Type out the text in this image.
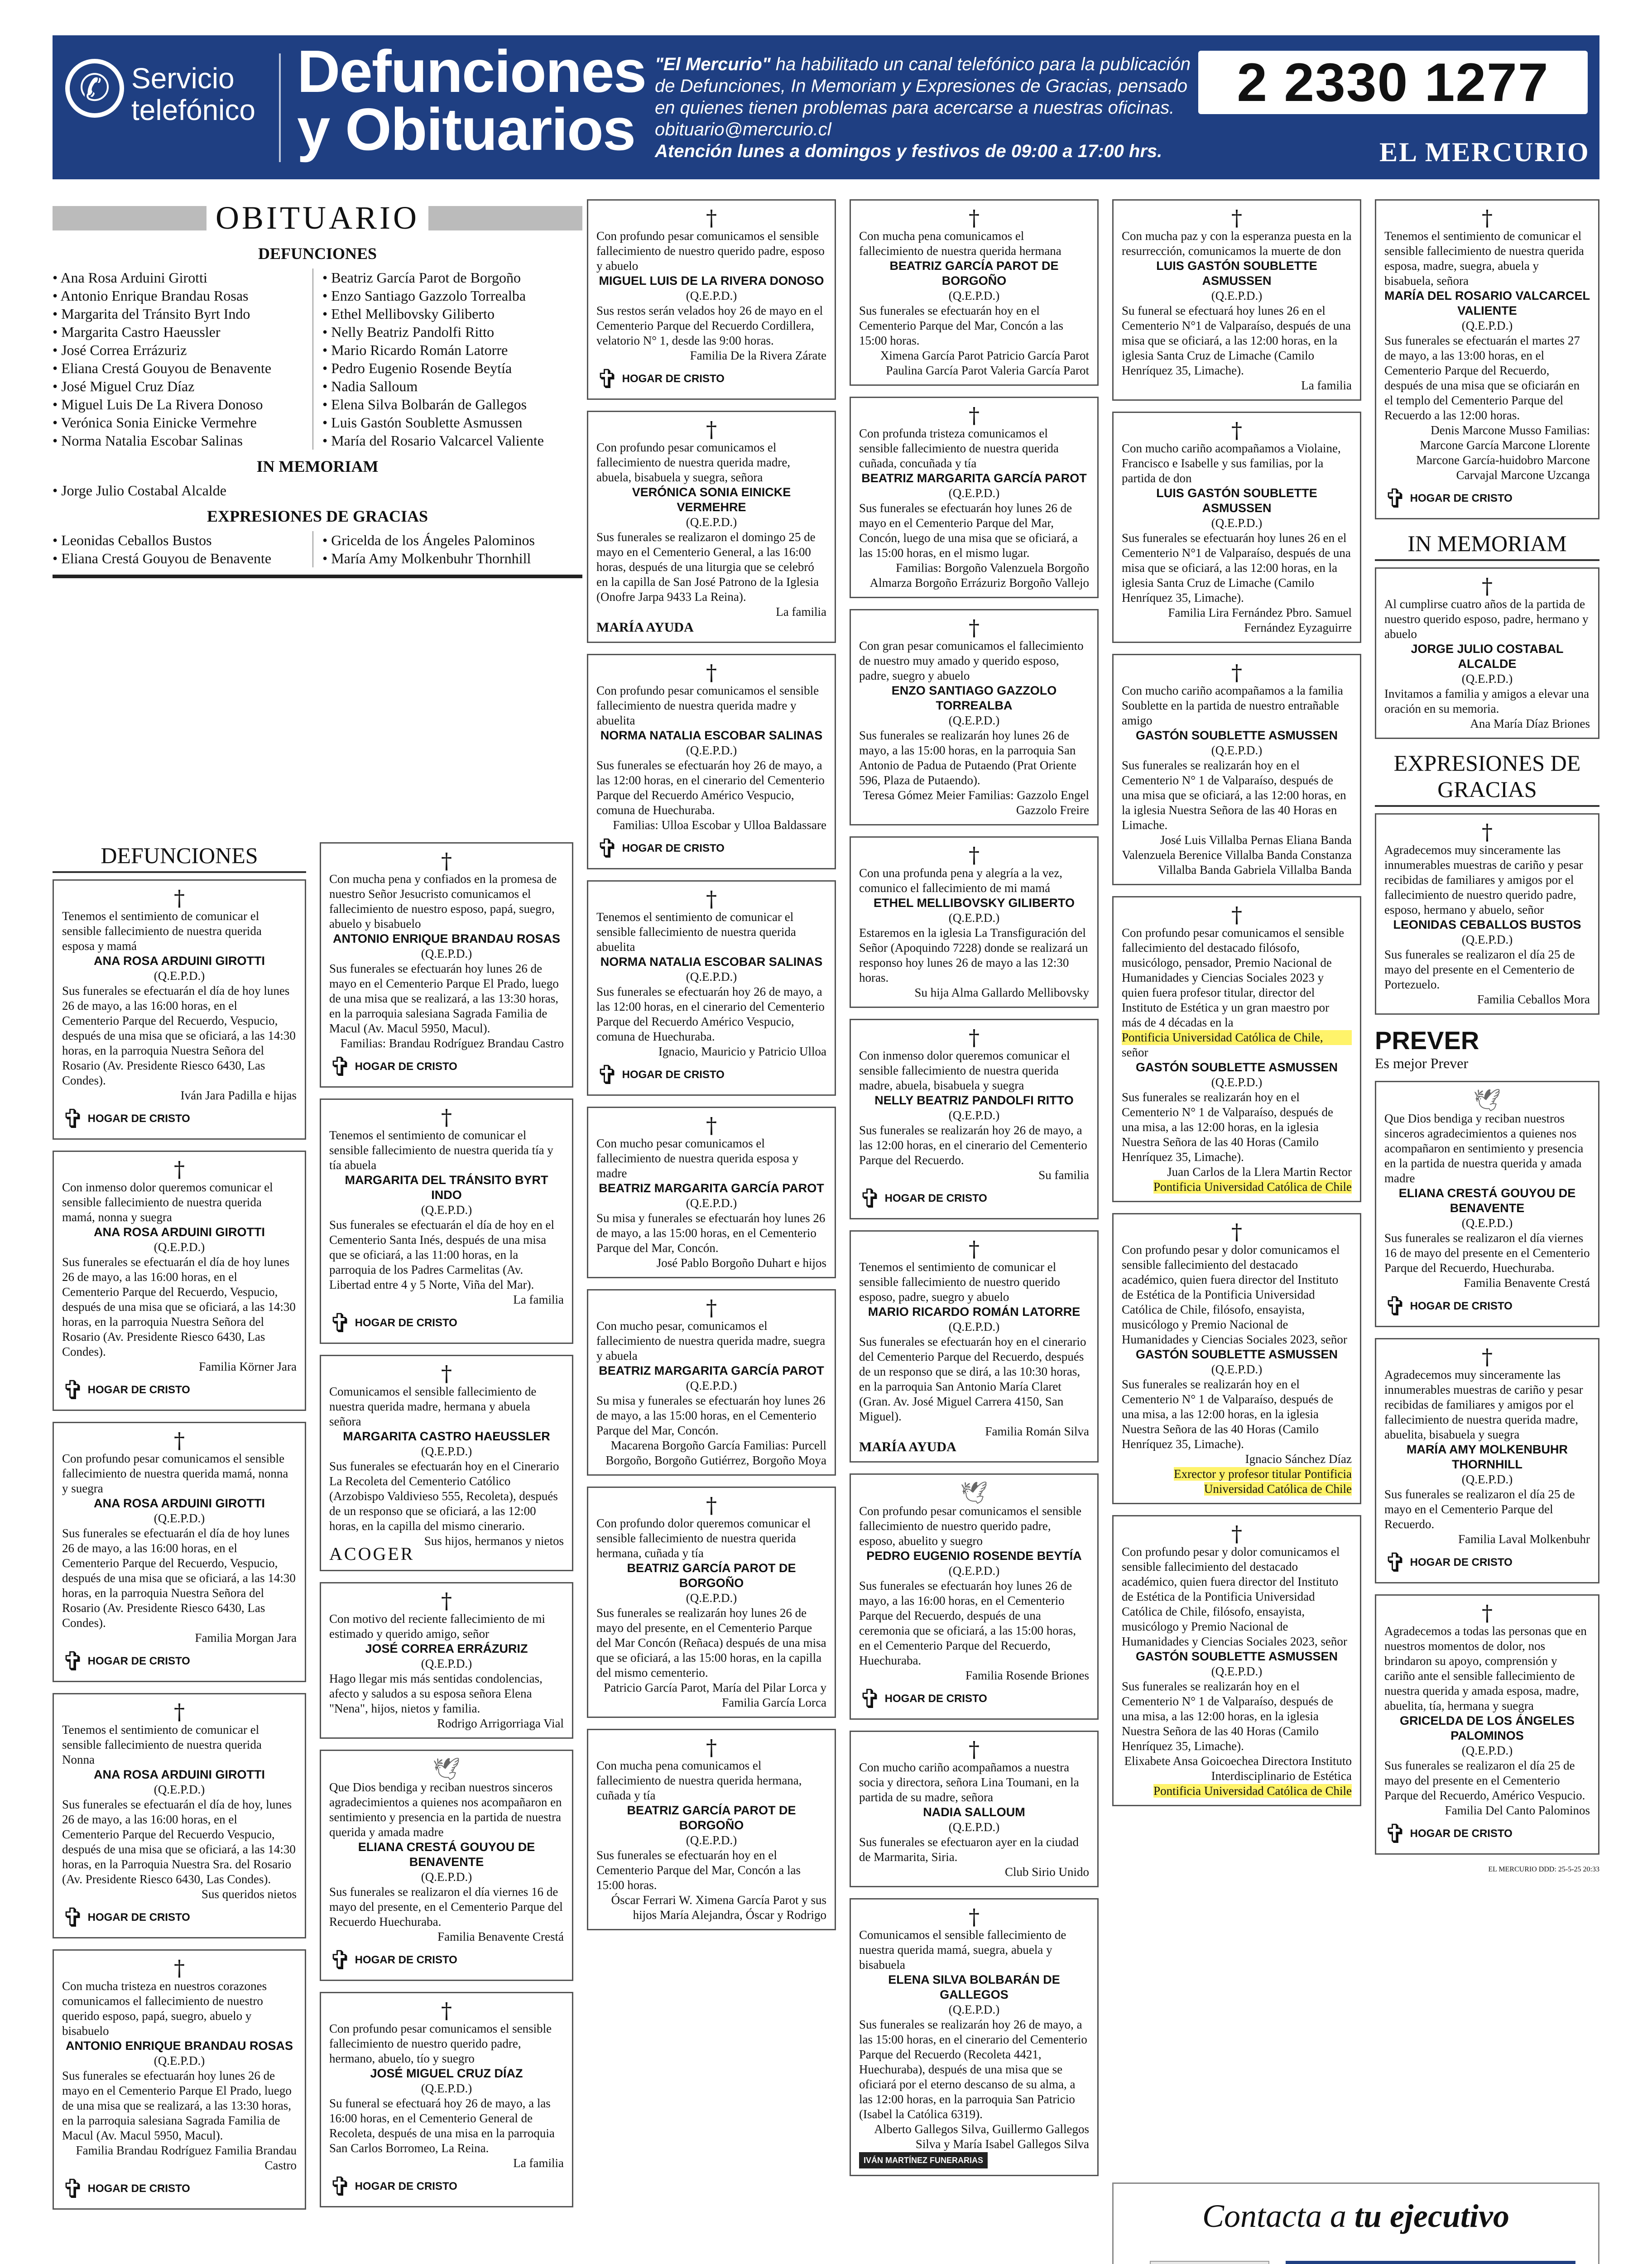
✆ Servicio
telefónico
Defunciones
y Obituarios
"El Mercurio" ha habilitado un canal telefónico para la publicación de Defunciones, In Memoriam y Expresiones de Gracias, pensado en quienes tienen problemas para acercarse a nuestras oficinas.
obituario@mercurio.cl
Atención lunes a domingos y festivos de 09:00 a 17:00 hrs.
2 2330 1277
EL MERCURIO
OBITUARIO
DEFUNCIONES
• Ana Rosa Arduini Girotti
• Antonio Enrique Brandau Rosas
• Margarita del Tránsito Byrt Indo
• Margarita Castro Haeussler
• José Correa Errázuriz
• Eliana Crestá Gouyou de Benavente
• José Miguel Cruz Díaz
• Miguel Luis De La Rivera Donoso
• Verónica Sonia Einicke Vermehre
• Norma Natalia Escobar Salinas
• Beatriz García Parot de Borgoño
• Enzo Santiago Gazzolo Torrealba
• Ethel Mellibovsky Giliberto
• Nelly Beatriz Pandolfi Ritto
• Mario Ricardo Román Latorre
• Pedro Eugenio Rosende Beytía
• Nadia Salloum
• Elena Silva Bolbarán de Gallegos
• Luis Gastón Soublette Asmussen
• María del Rosario Valcarcel Valiente
IN MEMORIAM
• Jorge Julio Costabal Alcalde
EXPRESIONES DE GRACIAS
• Leonidas Ceballos Bustos
• Eliana Crestá Gouyou de Benavente
• Gricelda de los Ángeles Palominos
• María Amy Molkenbuhr Thornhill
DEFUNCIONES
†

Tenemos el sentimiento de comunicar el sensible fallecimiento de nuestra querida esposa y mamá

ANA ROSA ARDUINI GIROTTI

(Q.E.P.D.)

Sus funerales se efectuarán el día de hoy lunes 26 de mayo, a las 16:00 horas, en el Cementerio Parque del Recuerdo, Vespucio, después de una misa que se oficiará, a las 14:30 horas, en la parroquia Nuestra Señora del Rosario (Av. Presidente Riesco 6430, Las Condes).

Iván Jara Padilla e hijas

✞ HOGAR DE CRISTO
†

Con inmenso dolor queremos comunicar el sensible fallecimiento de nuestra querida mamá, nonna y suegra

ANA ROSA ARDUINI GIROTTI

(Q.E.P.D.)

Sus funerales se efectuarán el día de hoy lunes 26 de mayo, a las 16:00 horas, en el Cementerio Parque del Recuerdo, Vespucio, después de una misa que se oficiará, a las 14:30 horas, en la parroquia Nuestra Señora del Rosario (Av. Presidente Riesco 6430, Las Condes).

Familia Körner Jara

✞ HOGAR DE CRISTO
†

Con profundo pesar comunicamos el sensible fallecimiento de nuestra querida mamá, nonna y suegra

ANA ROSA ARDUINI GIROTTI

(Q.E.P.D.)

Sus funerales se efectuarán el día de hoy lunes 26 de mayo, a las 16:00 horas, en el Cementerio Parque del Recuerdo, Vespucio, después de una misa que se oficiará, a las 14:30 horas, en la parroquia Nuestra Señora del Rosario (Av. Presidente Riesco 6430, Las Condes).

Familia Morgan Jara

✞ HOGAR DE CRISTO
†

Tenemos el sentimiento de comunicar el sensible fallecimiento de nuestra querida Nonna

ANA ROSA ARDUINI GIROTTI

(Q.E.P.D.)

Sus funerales se efectuarán el día de hoy, lunes 26 de mayo, a las 16:00 horas, en el Cementerio Parque del Recuerdo Vespucio, después de una misa que se oficiará, a las 14:30 horas, en la Parroquia Nuestra Sra. del Rosario (Av. Presidente Riesco 6430, Las Condes).

Sus queridos nietos

✞ HOGAR DE CRISTO
†

Con mucha tristeza en nuestros corazones comunicamos el fallecimiento de nuestro querido esposo, papá, suegro, abuelo y bisabuelo

ANTONIO ENRIQUE BRANDAU ROSAS

(Q.E.P.D.)

Sus funerales se efectuarán hoy lunes 26 de mayo en el Cementerio Parque El Prado, luego de una misa que se realizará, a las 13:30 horas, en la parroquia salesiana Sagrada Familia de Macul (Av. Macul 5950, Macul).

Familia Brandau Rodríguez Familia Brandau Castro

✞ HOGAR DE CRISTO
†

Con mucha pena y confiados en la promesa de nuestro Señor Jesucristo comunicamos el fallecimiento de nuestro esposo, papá, suegro, abuelo y bisabuelo

ANTONIO ENRIQUE BRANDAU ROSAS

(Q.E.P.D.)

Sus funerales se efectuarán hoy lunes 26 de mayo en el Cementerio Parque El Prado, luego de una misa que se realizará, a las 13:30 horas, en la parroquia salesiana Sagrada Familia de Macul (Av. Macul 5950, Macul).

Familias: Brandau Rodríguez Brandau Castro

✞ HOGAR DE CRISTO
†

Tenemos el sentimiento de comunicar el sensible fallecimiento de nuestra querida tía y tía abuela

MARGARITA DEL TRÁNSITO BYRT INDO

(Q.E.P.D.)

Sus funerales se efectuarán el día de hoy en el Cementerio Santa Inés, después de una misa que se oficiará, a las 11:00 horas, en la parroquia de los Padres Carmelitas (Av. Libertad entre 4 y 5 Norte, Viña del Mar).

La familia

✞ HOGAR DE CRISTO
†

Comunicamos el sensible fallecimiento de nuestra querida madre, hermana y abuela señora

MARGARITA CASTRO HAEUSSLER

(Q.E.P.D.)

Sus funerales se efectuarán hoy en el Cinerario La Recoleta del Cementerio Católico (Arzobispo Valdivieso 555, Recoleta), después de un responso que se oficiará, a las 12:00 horas, en la capilla del mismo cinerario.

Sus hijos, hermanos y nietos

ACOGER
†

Con motivo del reciente fallecimiento de mi estimado y querido amigo, señor

JOSÉ CORREA ERRÁZURIZ

(Q.E.P.D.)

Hago llegar mis más sentidas condolencias, afecto y saludos a su esposa señora Elena "Nena", hijos, nietos y familia.

Rodrigo Arrigorriaga Vial

🕊

Que Dios bendiga y reciban nuestros sinceros agradecimientos a quienes nos acompañaron en sentimiento y presencia en la partida de nuestra querida y amada madre

ELIANA CRESTÁ GOUYOU DE BENAVENTE

(Q.E.P.D.)

Sus funerales se realizaron el día viernes 16 de mayo del presente, en el Cementerio Parque del Recuerdo Huechuraba.

Familia Benavente Crestá

✞ HOGAR DE CRISTO
†

Con profundo pesar comunicamos el sensible fallecimiento de nuestro querido padre, hermano, abuelo, tío y suegro

JOSÉ MIGUEL CRUZ DÍAZ

(Q.E.P.D.)

Su funeral se efectuará hoy 26 de mayo, a las 16:00 horas, en el Cementerio General de Recoleta, después de una misa en la parroquia San Carlos Borromeo, La Reina.

La familia

✞ HOGAR DE CRISTO
†

Con profundo pesar comunicamos el sensible fallecimiento de nuestro querido padre, esposo y abuelo

MIGUEL LUIS DE LA RIVERA DONOSO

(Q.E.P.D.)

Sus restos serán velados hoy 26 de mayo en el Cementerio Parque del Recuerdo Cordillera, velatorio N° 1, desde las 9:00 horas.

Familia De la Rivera Zárate

✞ HOGAR DE CRISTO
†

Con profundo pesar comunicamos el fallecimiento de nuestra querida madre, abuela, bisabuela y suegra, señora

VERÓNICA SONIA EINICKE VERMEHRE

(Q.E.P.D.)

Sus funerales se realizaron el domingo 25 de mayo en el Cementerio General, a las 16:00 horas, después de una liturgia que se celebró en la capilla de San José Patrono de la Iglesia (Onofre Jarpa 9433 La Reina).

La familia

MARÍA AYUDA
†

Con profundo pesar comunicamos el sensible fallecimiento de nuestra querida madre y abuelita

NORMA NATALIA ESCOBAR SALINAS

(Q.E.P.D.)

Sus funerales se efectuarán hoy 26 de mayo, a las 12:00 horas, en el cinerario del Cementerio Parque del Recuerdo Américo Vespucio, comuna de Huechuraba.

Familias: Ulloa Escobar y Ulloa Baldassare

✞ HOGAR DE CRISTO
†

Tenemos el sentimiento de comunicar el sensible fallecimiento de nuestra querida abuelita

NORMA NATALIA ESCOBAR SALINAS

(Q.E.P.D.)

Sus funerales se efectuarán hoy 26 de mayo, a las 12:00 horas, en el cinerario del Cementerio Parque del Recuerdo Américo Vespucio, comuna de Huechuraba.

Ignacio, Mauricio y Patricio Ulloa

✞ HOGAR DE CRISTO
†

Con mucho pesar comunicamos el fallecimiento de nuestra querida esposa y madre

BEATRIZ MARGARITA GARCÍA PAROT

(Q.E.P.D.)

Su misa y funerales se efectuarán hoy lunes 26 de mayo, a las 15:00 horas, en el Cementerio Parque del Mar, Concón.

José Pablo Borgoño Duhart e hijos

†

Con mucho pesar, comunicamos el fallecimiento de nuestra querida madre, suegra y abuela

BEATRIZ MARGARITA GARCÍA PAROT

(Q.E.P.D.)

Su misa y funerales se efectuarán hoy lunes 26 de mayo, a las 15:00 horas, en el Cementerio Parque del Mar, Concón.

Macarena Borgoño García Familias: Purcell Borgoño, Borgoño Gutiérrez, Borgoño Moya

†

Con profundo dolor queremos comunicar el sensible fallecimiento de nuestra querida hermana, cuñada y tía

BEATRIZ GARCÍA PAROT DE BORGOÑO

(Q.E.P.D.)

Sus funerales se realizarán hoy lunes 26 de mayo del presente, en el Cementerio Parque del Mar Concón (Reñaca) después de una misa que se oficiará, a las 15:00 horas, en la capilla del mismo cementerio.

Patricio García Parot, María del Pilar Lorca y Familia García Lorca

†

Con mucha pena comunicamos el fallecimiento de nuestra querida hermana, cuñada y tía

BEATRIZ GARCÍA PAROT DE BORGOÑO

(Q.E.P.D.)

Sus funerales se efectuarán hoy en el Cementerio Parque del Mar, Concón a las 15:00 horas.

Óscar Ferrari W. Ximena García Parot y sus hijos María Alejandra, Óscar y Rodrigo

†

Con mucha pena comunicamos el fallecimiento de nuestra querida hermana

BEATRIZ GARCÍA PAROT DE BORGOÑO

(Q.E.P.D.)

Sus funerales se efectuarán hoy en el Cementerio Parque del Mar, Concón a las 15:00 horas.

Ximena García Parot Patricio García Parot Paulina García Parot Valeria García Parot

†

Con profunda tristeza comunicamos el sensible fallecimiento de nuestra querida cuñada, concuñada y tía

BEATRIZ MARGARITA GARCÍA PAROT

(Q.E.P.D.)

Sus funerales se efectuarán hoy lunes 26 de mayo en el Cementerio Parque del Mar, Concón, luego de una misa que se oficiará, a las 15:00 horas, en el mismo lugar.

Familias: Borgoño Valenzuela Borgoño Almarza Borgoño Errázuriz Borgoño Vallejo

†

Con gran pesar comunicamos el fallecimiento de nuestro muy amado y querido esposo, padre, suegro y abuelo

ENZO SANTIAGO GAZZOLO TORREALBA

(Q.E.P.D.)

Sus funerales se realizarán hoy lunes 26 de mayo, a las 15:00 horas, en la parroquia San Antonio de Padua de Putaendo (Prat Oriente 596, Plaza de Putaendo).

Teresa Gómez Meier Familias: Gazzolo Engel Gazzolo Freire

†

Con una profunda pena y alegría a la vez, comunico el fallecimiento de mi mamá

ETHEL MELLIBOVSKY GILIBERTO

(Q.E.P.D.)

Estaremos en la iglesia La Transfiguración del Señor (Apoquindo 7228) donde se realizará un responso hoy lunes 26 de mayo a las 12:30 horas.

Su hija Alma Gallardo Mellibovsky

†

Con inmenso dolor queremos comunicar el sensible fallecimiento de nuestra querida madre, abuela, bisabuela y suegra

NELLY BEATRIZ PANDOLFI RITTO

(Q.E.P.D.)

Sus funerales se realizarán hoy 26 de mayo, a las 12:00 horas, en el cinerario del Cementerio Parque del Recuerdo.

Su familia

✞ HOGAR DE CRISTO
†

Tenemos el sentimiento de comunicar el sensible fallecimiento de nuestro querido esposo, padre, suegro y abuelo

MARIO RICARDO ROMÁN LATORRE

(Q.E.P.D.)

Sus funerales se efectuarán hoy en el cinerario del Cementerio Parque del Recuerdo, después de un responso que se dirá, a las 10:30 horas, en la parroquia San Antonio María Claret (Gran. Av. José Miguel Carrera 4150, San Miguel).

Familia Román Silva

MARÍA AYUDA
🕊

Con profundo pesar comunicamos el sensible fallecimiento de nuestro querido padre, esposo, abuelito y suegro

PEDRO EUGENIO ROSENDE BEYTÍA

(Q.E.P.D.)

Sus funerales se efectuarán hoy lunes 26 de mayo, a las 16:00 horas, en el Cementerio Parque del Recuerdo, después de una ceremonia que se oficiará, a las 15:00 horas, en el Cementerio Parque del Recuerdo, Huechuraba.

Familia Rosende Briones

✞ HOGAR DE CRISTO
†

Con mucho cariño acompañamos a nuestra socia y directora, señora Lina Toumani, en la partida de su madre, señora

NADIA SALLOUM

(Q.E.P.D.)

Sus funerales se efectuaron ayer en la ciudad de Marmarita, Siria.

Club Sirio Unido

†

Comunicamos el sensible fallecimiento de nuestra querida mamá, suegra, abuela y bisabuela

ELENA SILVA BOLBARÁN DE GALLEGOS

(Q.E.P.D.)

Sus funerales se realizarán hoy 26 de mayo, a las 15:00 horas, en el cinerario del Cementerio Parque del Recuerdo (Recoleta 4421, Huechuraba), después de una misa que se oficiará por el eterno descanso de su alma, a las 12:00 horas, en la parroquia San Patricio (Isabel la Católica 6319).

Alberto Gallegos Silva, Guillermo Gallegos Silva y María Isabel Gallegos Silva

IVÁN MARTÍNEZ FUNERARIAS
†

Con mucha paz y con la esperanza puesta en la resurrección, comunicamos la muerte de don

LUIS GASTÓN SOUBLETTE ASMUSSEN

(Q.E.P.D.)

Su funeral se efectuará hoy lunes 26 en el Cementerio N°1 de Valparaíso, después de una misa que se oficiará, a las 12:00 horas, en la iglesia Santa Cruz de Limache (Camilo Henríquez 35, Limache).

La familia

†

Con mucho cariño acompañamos a Violaine, Francisco e Isabelle y sus familias, por la partida de don

LUIS GASTÓN SOUBLETTE ASMUSSEN

(Q.E.P.D.)

Sus funerales se efectuarán hoy lunes 26 en el Cementerio N°1 de Valparaíso, después de una misa que se oficiará, a las 12:00 horas, en la iglesia Santa Cruz de Limache (Camilo Henríquez 35, Limache).

Familia Lira Fernández Pbro. Samuel Fernández Eyzaguirre

†

Con mucho cariño acompañamos a la familia Soublette en la partida de nuestro entrañable amigo

GASTÓN SOUBLETTE ASMUSSEN

(Q.E.P.D.)

Sus funerales se realizarán hoy en el Cementerio N° 1 de Valparaíso, después de una misa que se oficiará, a las 12:00 horas, en la iglesia Nuestra Señora de las 40 Horas en Limache.

José Luis Villalba Pernas Eliana Banda Valenzuela Berenice Villalba Banda Constanza Villalba Banda Gabriela Villalba Banda

†

Con profundo pesar comunicamos el sensible fallecimiento del destacado filósofo, musicólogo, pensador, Premio Nacional de Humanidades y Ciencias Sociales 2023 y quien fuera profesor titular, director del Instituto de Estética y un gran maestro por más de 4 décadas en la

Pontificia Universidad Católica de Chile,

señor

GASTÓN SOUBLETTE ASMUSSEN

(Q.E.P.D.)

Sus funerales se realizarán hoy en el Cementerio N° 1 de Valparaíso, después de una misa, a las 12:00 horas, en la iglesia Nuestra Señora de las 40 Horas (Camilo Henríquez 35, Limache).

Juan Carlos de la Llera Martin Rector

Pontificia Universidad Católica de Chile

†

Con profundo pesar y dolor comunicamos el sensible fallecimiento del destacado académico, quien fuera director del Instituto de Estética de la Pontificia Universidad Católica de Chile, filósofo, ensayista, musicólogo y Premio Nacional de Humanidades y Ciencias Sociales 2023, señor

GASTÓN SOUBLETTE ASMUSSEN

(Q.E.P.D.)

Sus funerales se realizarán hoy en el Cementerio N° 1 de Valparaíso, después de una misa, a las 12:00 horas, en la iglesia Nuestra Señora de las 40 Horas (Camilo Henríquez 35, Limache).

Ignacio Sánchez Díaz

Exrector y profesor titular Pontificia Universidad Católica de Chile

†

Con profundo pesar y dolor comunicamos el sensible fallecimiento del destacado académico, quien fuera director del Instituto de Estética de la Pontificia Universidad Católica de Chile, filósofo, ensayista, musicólogo y Premio Nacional de Humanidades y Ciencias Sociales 2023, señor

GASTÓN SOUBLETTE ASMUSSEN

(Q.E.P.D.)

Sus funerales se realizarán hoy en el Cementerio N° 1 de Valparaíso, después de una misa, a las 12:00 horas, en la iglesia Nuestra Señora de las 40 Horas (Camilo Henríquez 35, Limache).

Elixabete Ansa Goicoechea Directora Instituto Interdisciplinario de Estética

Pontificia Universidad Católica de Chile

†

Tenemos el sentimiento de comunicar el sensible fallecimiento de nuestra querida esposa, madre, suegra, abuela y bisabuela, señora

MARÍA DEL ROSARIO VALCARCEL VALIENTE

(Q.E.P.D.)

Sus funerales se efectuarán el martes 27 de mayo, a las 13:00 horas, en el Cementerio Parque del Recuerdo, después de una misa que se oficiarán en el templo del Cementerio Parque del Recuerdo a las 12:00 horas.

Denis Marcone Musso Familias: Marcone García Marcone Llorente Marcone García-huidobro Marcone Carvajal Marcone Uzcanga

✞ HOGAR DE CRISTO
IN MEMORIAM
†

Al cumplirse cuatro años de la partida de nuestro querido esposo, padre, hermano y abuelo

JORGE JULIO COSTABAL ALCALDE

(Q.E.P.D.)

Invitamos a familia y amigos a elevar una oración en su memoria.

Ana María Díaz Briones

EXPRESIONES DE GRACIAS
†

Agradecemos muy sinceramente las innumerables muestras de cariño y pesar recibidas de familiares y amigos por el fallecimiento de nuestro querido padre, esposo, hermano y abuelo, señor

LEONIDAS CEBALLOS BUSTOS

(Q.E.P.D.)

Sus funerales se realizaron el día 25 de mayo del presente en el Cementerio de Portezuelo.

Familia Ceballos Mora

PREVER
Es mejor Prever
🕊

Que Dios bendiga y reciban nuestros sinceros agradecimientos a quienes nos acompañaron en sentimiento y presencia en la partida de nuestra querida y amada madre

ELIANA CRESTÁ GOUYOU DE BENAVENTE

(Q.E.P.D.)

Sus funerales se realizaron el día viernes 16 de mayo del presente en el Cementerio Parque del Recuerdo, Huechuraba.

Familia Benavente Crestá

✞ HOGAR DE CRISTO
†

Agradecemos muy sinceramente las innumerables muestras de cariño y pesar recibidas de familiares y amigos por el fallecimiento de nuestra querida madre, abuelita, bisabuela y suegra

MARÍA AMY MOLKENBUHR THORNHILL

(Q.E.P.D.)

Sus funerales se realizaron el día 25 de mayo en el Cementerio Parque del Recuerdo.

Familia Laval Molkenbuhr

✞ HOGAR DE CRISTO
†

Agradecemos a todas las personas que en nuestros momentos de dolor, nos brindaron su apoyo, comprensión y cariño ante el sensible fallecimiento de nuestra querida y amada esposa, madre, abuelita, tía, hermana y suegra

GRICELDA DE LOS ÁNGELES PALOMINOS

(Q.E.P.D.)

Sus funerales se realizaron el día 25 de mayo del presente en el Cementerio Parque del Recuerdo, Américo Vespucio.

Familia Del Canto Palominos

✞ HOGAR DE CRISTO
EL MERCURIO DDD: 25-5-25 20:33
Contacta a tu ejecutivo
